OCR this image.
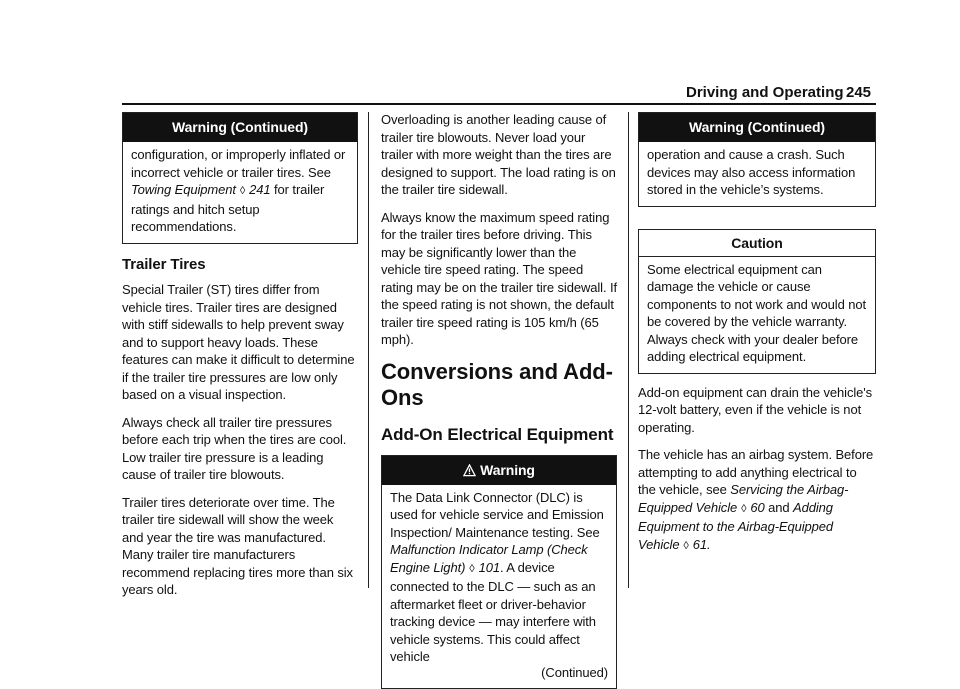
Driving and Operating 245
Warning (Continued)

configuration, or improperly inflated or

incorrect vehicle or trailer tires. See

Towing Equipment ◊ 241 for trailer

ratings and hitch setup recommendations.

Trailer Tires

Special Trailer (ST) tires differ from vehicle tires. Trailer tires are designed with stiff sidewalls to help prevent sway and to support heavy loads. These features can make it difficult to determine if the trailer tire pressures are low only based on a visual inspection.

Always check all trailer tire pressures before each trip when the tires are cool. Low trailer tire pressure is a leading cause of trailer tire blowouts.

Trailer tires deteriorate over time. The trailer tire sidewall will show the week and year the tire was manufactured. Many trailer tire manufacturers recommend replacing tires more than six years old.

Overloading is another leading cause of trailer tire blowouts. Never load your trailer with more weight than the tires are designed to support. The load rating is on the trailer tire sidewall.

Always know the maximum speed rating for the trailer tires before driving. This may be significantly lower than the vehicle tire speed rating. The speed rating may be on the trailer tire sidewall. If the speed rating is not shown, the default trailer tire speed rating is 105 km/h (65 mph).

Conversions and Add-Ons
Add-On Electrical Equipment
Warning

The Data Link Connector (DLC) is used for vehicle service and Emission Inspection/ Maintenance testing. See Malfunction Indicator Lamp (Check Engine Light) ◊ 101. A device connected to the DLC — such as an aftermarket fleet or driver-behavior tracking device — may interfere with vehicle systems. This could affect vehicle

(Continued)
Warning (Continued)

operation and cause a crash. Such devices may also access information stored in the vehicle’s systems.

Caution

Some electrical equipment can damage the vehicle or cause components to not work and would not be covered by the vehicle warranty. Always check with your dealer before adding electrical equipment.

Add-on equipment can drain the vehicle's 12-volt battery, even if the vehicle is not operating.

The vehicle has an airbag system. Before attempting to add anything electrical to the vehicle, see Servicing the Airbag-Equipped Vehicle ◊ 60 and Adding Equipment to the Airbag-Equipped Vehicle ◊ 61.
